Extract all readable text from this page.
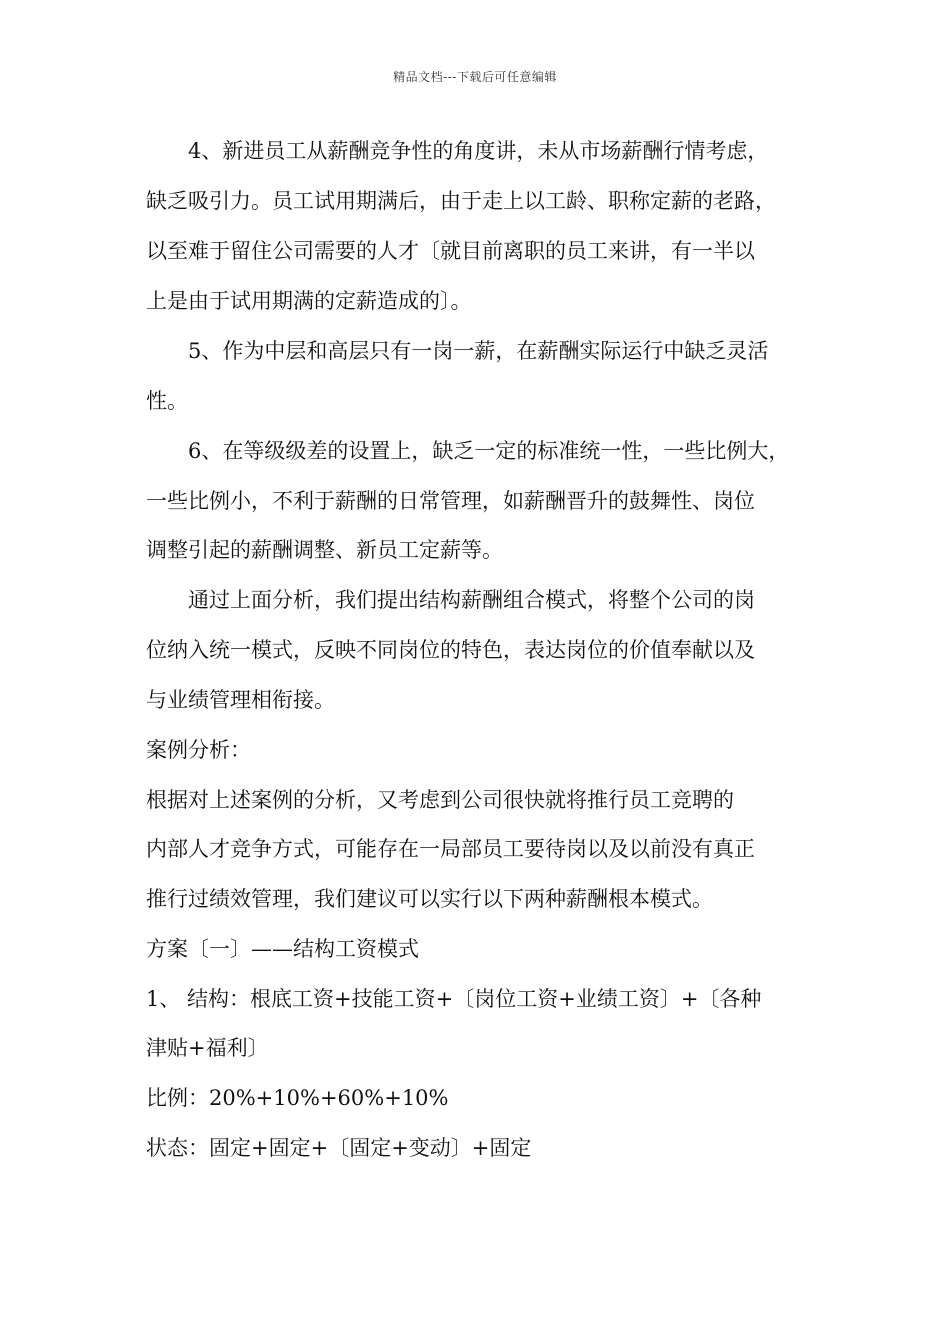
精品文档---下载后可任意编辑
　　4、新进员工从薪酬竞争性的角度讲，未从市场薪酬行情考虑，
缺乏吸引力。员工试用期满后，由于走上以工龄、职称定薪的老路，
以至难于留住公司需要的人才〔就目前离职的员工来讲，有一半以
上是由于试用期满的定薪造成的〕。
　　5、作为中层和高层只有一岗一薪，在薪酬实际运行中缺乏灵活
性。
　　6、在等级级差的设置上，缺乏一定的标准统一性，一些比例大，
一些比例小，不利于薪酬的日常管理，如薪酬晋升的鼓舞性、岗位
调整引起的薪酬调整、新员工定薪等。
　　通过上面分析，我们提出结构薪酬组合模式，将整个公司的岗
位纳入统一模式，反映不同岗位的特色，表达岗位的价值奉献以及
与业绩管理相衔接。
案例分析：
根据对上述案例的分析，又考虑到公司很快就将推行员工竞聘的
内部人才竞争方式，可能存在一局部员工要待岗以及以前没有真正
推行过绩效管理，我们建议可以实行以下两种薪酬根本模式。
方案〔一〕——结构工资模式
1、 结构：根底工资+技能工资+〔岗位工资+业绩工资〕+〔各种
津贴+福利〕
比例：20%+10%+60%+10%
状态：固定+固定+〔固定+变动〕+固定
